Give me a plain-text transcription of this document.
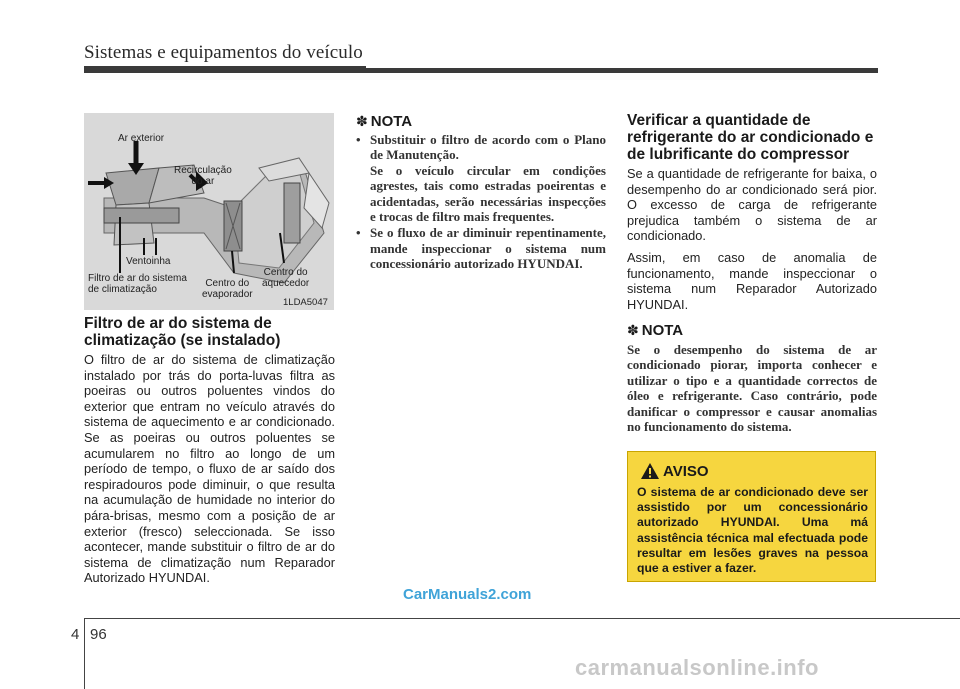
Sistemas e equipamentos do veículo
Ar exterior
Recirculação
do ar
Ventoinha
Filtro de ar do sistema
de climatização
Centro do
evaporador
Centro do
aquecedor
1LDA5047
Filtro de ar do sistema de climatização (se instalado)

O filtro de ar do sistema de climatização instalado por trás do porta-luvas filtra as poeiras ou outros poluentes vindos do exterior que entram no veículo através do sistema de aquecimento e ar condicionado. Se as poeiras ou outros poluentes se acumularem no filtro ao longo de um período de tempo, o fluxo de ar saído dos respiradouros pode diminuir, o que resulta na acumulação de humidade no interior do pára-brisas, mesmo com a posição de ar exterior (fresco) seleccionada. Se isso acontecer, mande substituir o filtro de ar do sistema de climatização num Reparador Autorizado HYUNDAI.

✽ NOTA
• Substituir o filtro de acordo com o Plano de Manutenção.
Se o veículo circular em condições agrestes, tais como estradas poeirentas e acidentadas, serão necessárias inspecções e trocas de filtro mais frequentes.
• Se o fluxo de ar diminuir repentinamente, mande inspeccionar o sistema num concessionário autorizado HYUNDAI.
Verificar a quantidade de refrigerante do ar condicionado e de lubrificante do compressor

Se a quantidade de refrigerante for baixa, o desempenho do ar condicionado será pior. O excesso de carga de refrigerante prejudica também o sistema de ar condicionado.

Assim, em caso de anomalia de funcionamento, mande inspeccionar o sistema num Reparador Autorizado HYUNDAI.

✽ NOTA
Se o desempenho do sistema de ar condicionado piorar, importa conhecer e utilizar o tipo e a quantidade correctos de óleo e refrigerante. Caso contrário, pode danificar o compressor e causar anomalias no funcionamento do sistema.
AVISO
O sistema de ar condicionado deve ser assistido por um concessionário autorizado HYUNDAI. Uma má assistência técnica mal efectuada pode resultar em lesões graves na pessoa que a estiver a fazer.
CarManuals2.com
carmanualsonline.info
4 96
